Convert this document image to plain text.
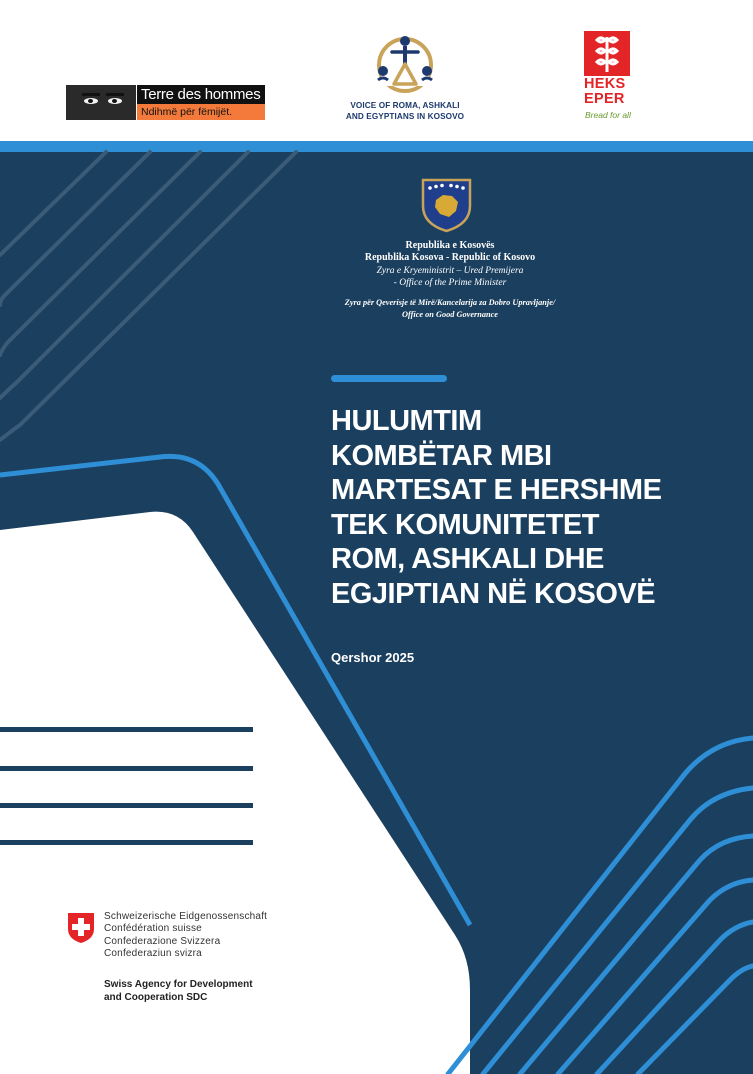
Terre des hommes
Ndihmë për fëmijët.
VOICE OF ROMA, ASHKALI
AND EGYPTIANS IN KOSOVO
HEKS
EPER
Bread for all
Republika e Kosovës
Republika Kosova - Republic of Kosovo
Zyra e Kryeministrit – Ured Premijera
- Office of the Prime Minister
Zyra për Qeverisje të Mirë/Kancelarija za Dobro Upravljanje/
Office on Good Governance
HULUMTIM
KOMBËTAR MBI
MARTESAT E HERSHME
TEK KOMUNITETET
ROM, ASHKALI DHE
EGJIPTIAN NË KOSOVË
Qershor 2025
Schweizerische Eidgenossenschaft
Confédération suisse
Confederazione Svizzera
Confederaziun svizra
Swiss Agency for Development
and Cooperation SDC
